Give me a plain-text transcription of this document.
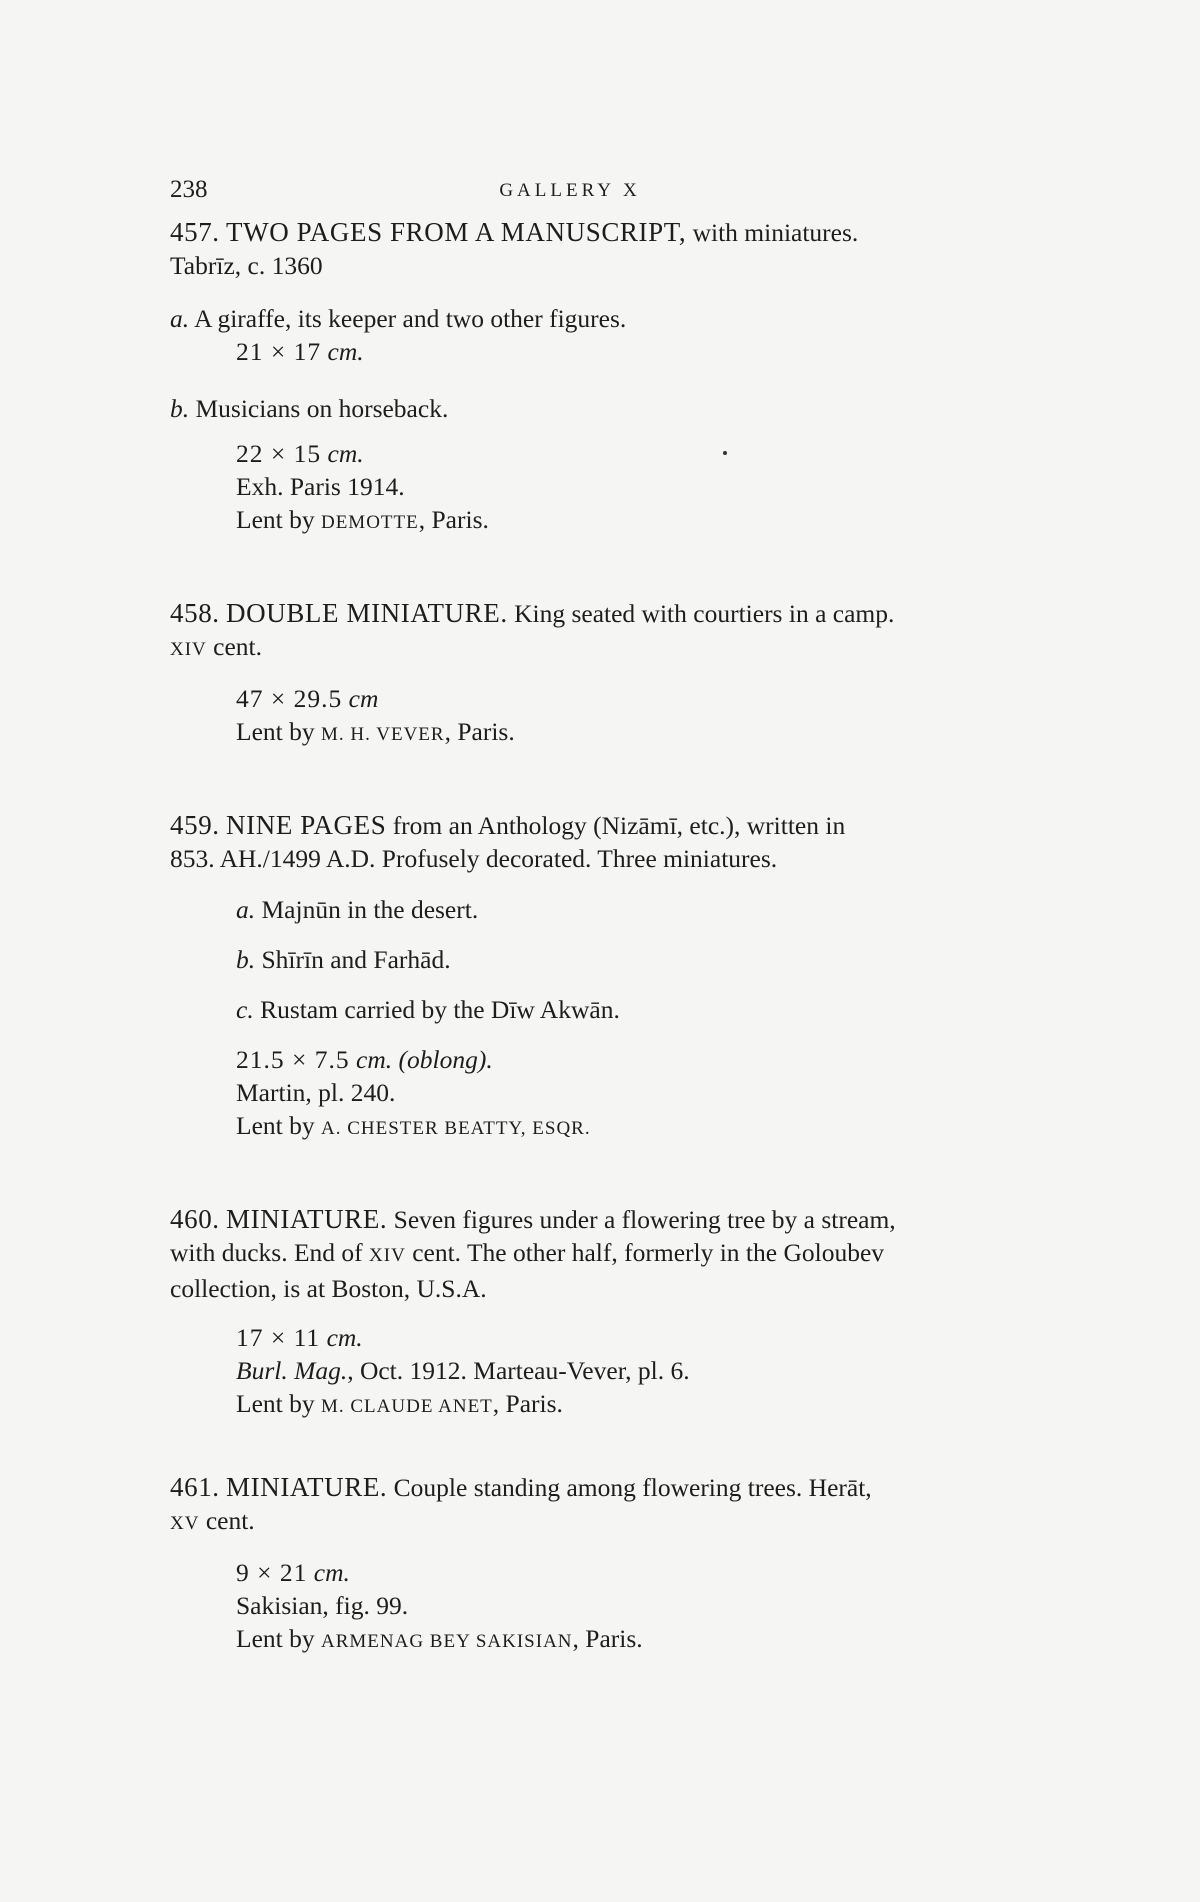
238	GALLERY X

457. TWO PAGES FROM A MANUSCRIPT, with miniatures.

Tabrīz, c. 1360

a. A giraffe, its keeper and two other figures.

21 × 17 cm.

b. Musicians on horseback.

22 × 15 cm.

Exh. Paris 1914.

Lent by DEMOTTE, Paris.

458. DOUBLE MINIATURE. King seated with courtiers in a camp.

XIV cent.

47 × 29.5 cm

Lent by M. H. VEVER, Paris.

459. NINE PAGES from an Anthology (Nizāmī, etc.), written in

853. AH./1499 A.D. Profusely decorated. Three miniatures.

a. Majnūn in the desert.

b. Shīrīn and Farhād.

c. Rustam carried by the Dīw Akwān.

21.5 × 7.5 cm. (oblong).

Martin, pl. 240.

Lent by A. CHESTER BEATTY, ESQR.

460. MINIATURE. Seven figures under a flowering tree by a stream,

with ducks. End of XIV cent. The other half, formerly in the Goloubev

collection, is at Boston, U.S.A.

17 × 11 cm.

Burl. Mag., Oct. 1912. Marteau-Vever, pl. 6.

Lent by M. CLAUDE ANET, Paris.

461. MINIATURE. Couple standing among flowering trees. Herāt,

XV cent.

9 × 21 cm.

Sakisian, fig. 99.

Lent by ARMENAG BEY SAKISIAN, Paris.
